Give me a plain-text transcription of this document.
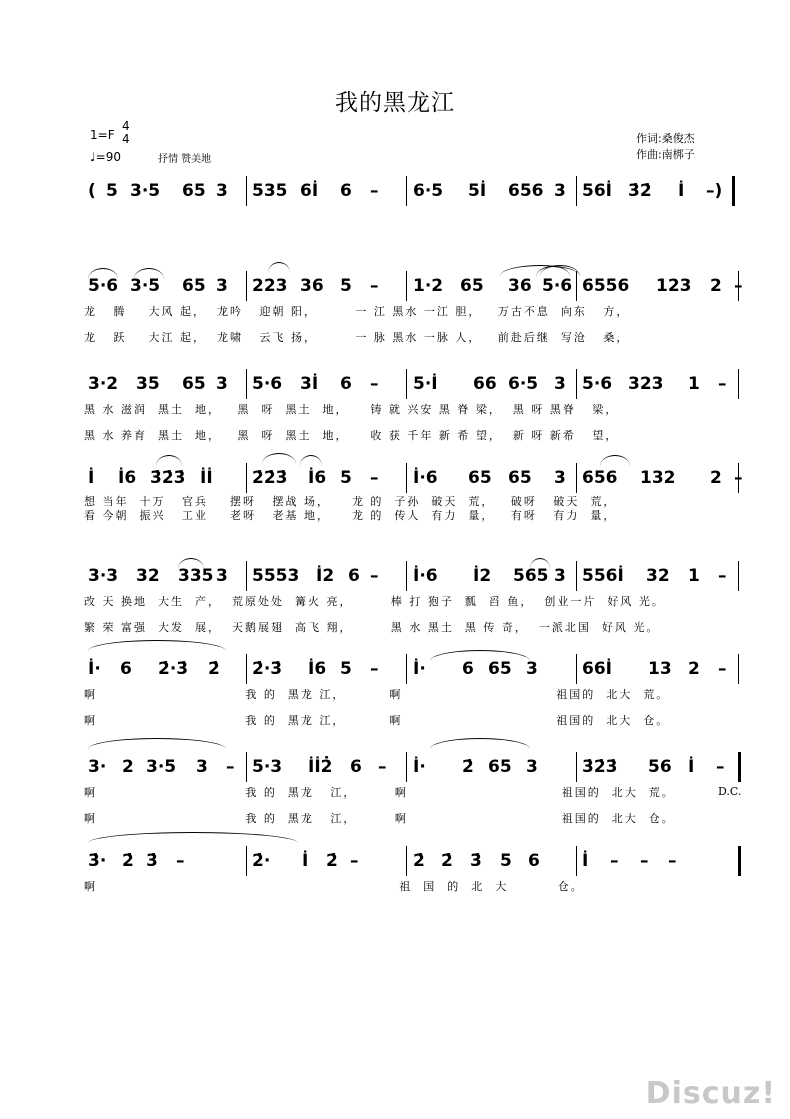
我的黑龙江
1=F
4
4
♩=90	抒情 赞美地
作词:桑俊杰
作曲:南梆子
( 5 3·5 65 3 535 6İ 6 – 6·5 5İ 656 3 56İ 3̇2̇ İ –)
5·6 3·5 65 3 223 36 5 – 1·2 65 36 5·6 6556 123 2 –
龙   腾    大风 起，  龙吟   迎朝 阳，       一 江 黑水 一江 胆，   万古不息  向东   方，
龙   跃    大江 起，  龙啸   云飞 扬，       一 脉 黑水 一脉 人，   前赴后继  写沧   桑，
3·2 35 65 3 5·6 3İ 6 – 5·İ 66 6·5 3 5·6 323 1 –
黑 水 滋润  黑土  地，   黑  呀  黑土  地，    铸 就 兴安 黑 脊 梁，  黑 呀 黑脊   梁，
黑 水 养育  黑土  地，   黑  呀  黑土  地，    收 获 千年 新 希 望，  新 呀 新希   望，
İ İ6 3̇2̇3̇ İİ 2̇2̇3̇ İ6 5 – İ·6 65 65 3 656 132 2 –
想 当年  十万   官兵    摆呀   摆战 场，    龙 的  子孙  破天  荒，   破呀   破天  荒，
看 今朝  振兴   工业    老呀   老基 地，    龙 的  传人  有力  量，   有呀   有力  量，
3·3 32 335 3 5553 İ2 6 – İ·6 İ2 565 3 556İ 32 1 –
改 天 换地  大生  产，  荒原处处  篝火 亮，       棒 打 狍子  瓢  舀 鱼，  创业一片  好风 光。
繁 荣 富强  大发  展，  天鹅展翅  高飞 翔，       黑 水 黑土  黑 传 奇，  一派北国  好风 光。
İ· 6 2̇·3̇ 2̇ 2̇·3̇ İ6 5 – İ· 6 65 3	66İ 13 2 –
啊                           我 的  黑龙 江，        啊                            祖国的  北大  荒。
啊                           我 的  黑龙 江，        啊                            祖国的  北大  仓。
3· 2 3·5 3 – 5·3 İİ2̇ 6 – İ· 2̇ 65 3	3̇2̇3̇ 56 İ –
啊                           我 的  黑龙   江，       啊                            祖国的  北大  荒。
啊                           我 的  黑龙   江，       啊                            祖国的  北大  仓。
3̇· 2̇ 3̇ –	2̇· İ 2̇ –	2̇ 2̇ 3̇ 5 6 İ – – –
啊                                                       祖  国  的  北  大         仓。
D.C.
Discuz!
